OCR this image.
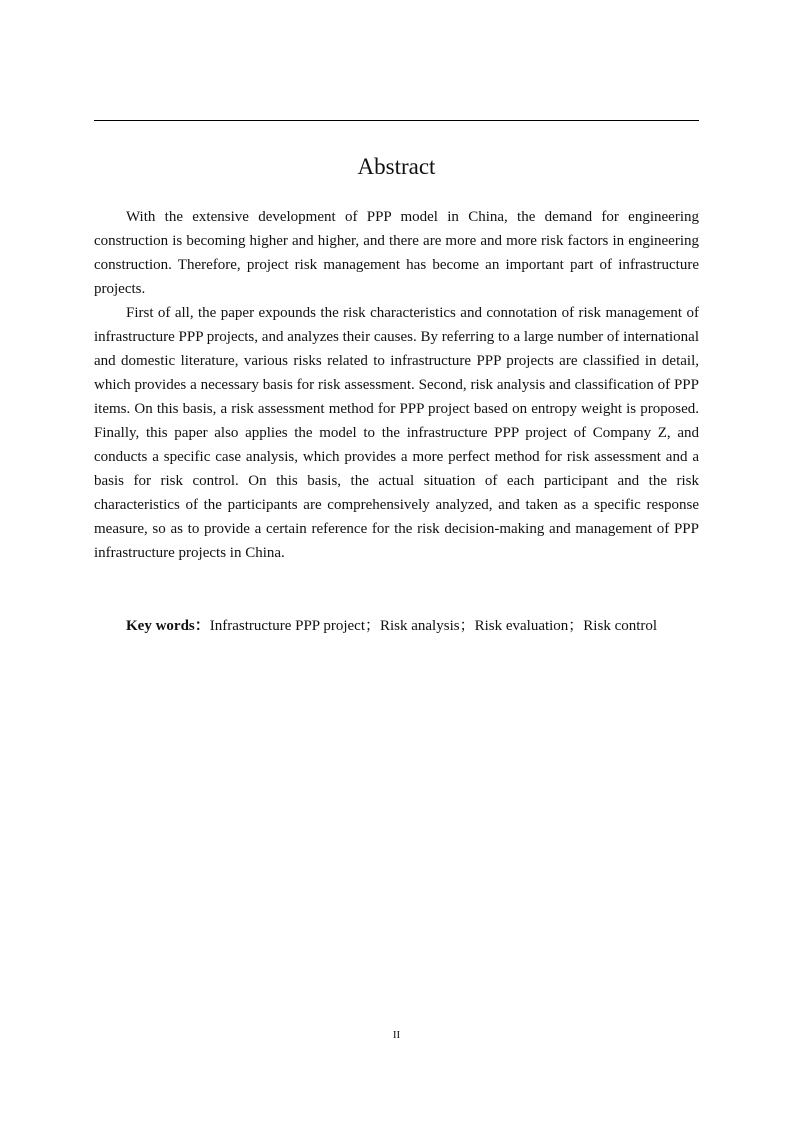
Abstract

With the extensive development of PPP model in China, the demand for engineering construction is becoming higher and higher, and there are more and more risk factors in engineering construction. Therefore, project risk management has become an important part of infrastructure projects.

First of all, the paper expounds the risk characteristics and connotation of risk management of infrastructure PPP projects, and analyzes their causes. By referring to a large number of international and domestic literature, various risks related to infrastructure PPP projects are classified in detail, which provides a necessary basis for risk assessment. Second, risk analysis and classification of PPP items. On this basis, a risk assessment method for PPP project based on entropy weight is proposed. Finally, this paper also applies the model to the infrastructure PPP project of Company Z, and conducts a specific case analysis, which provides a more perfect method for risk assessment and a basis for risk control. On this basis, the actual situation of each participant and the risk characteristics of the participants are comprehensively analyzed, and taken as a specific response measure, so as to provide a certain reference for the risk decision-making and management of PPP infrastructure projects in China.

Key words：Infrastructure PPP project；Risk analysis；Risk evaluation；Risk control

II
